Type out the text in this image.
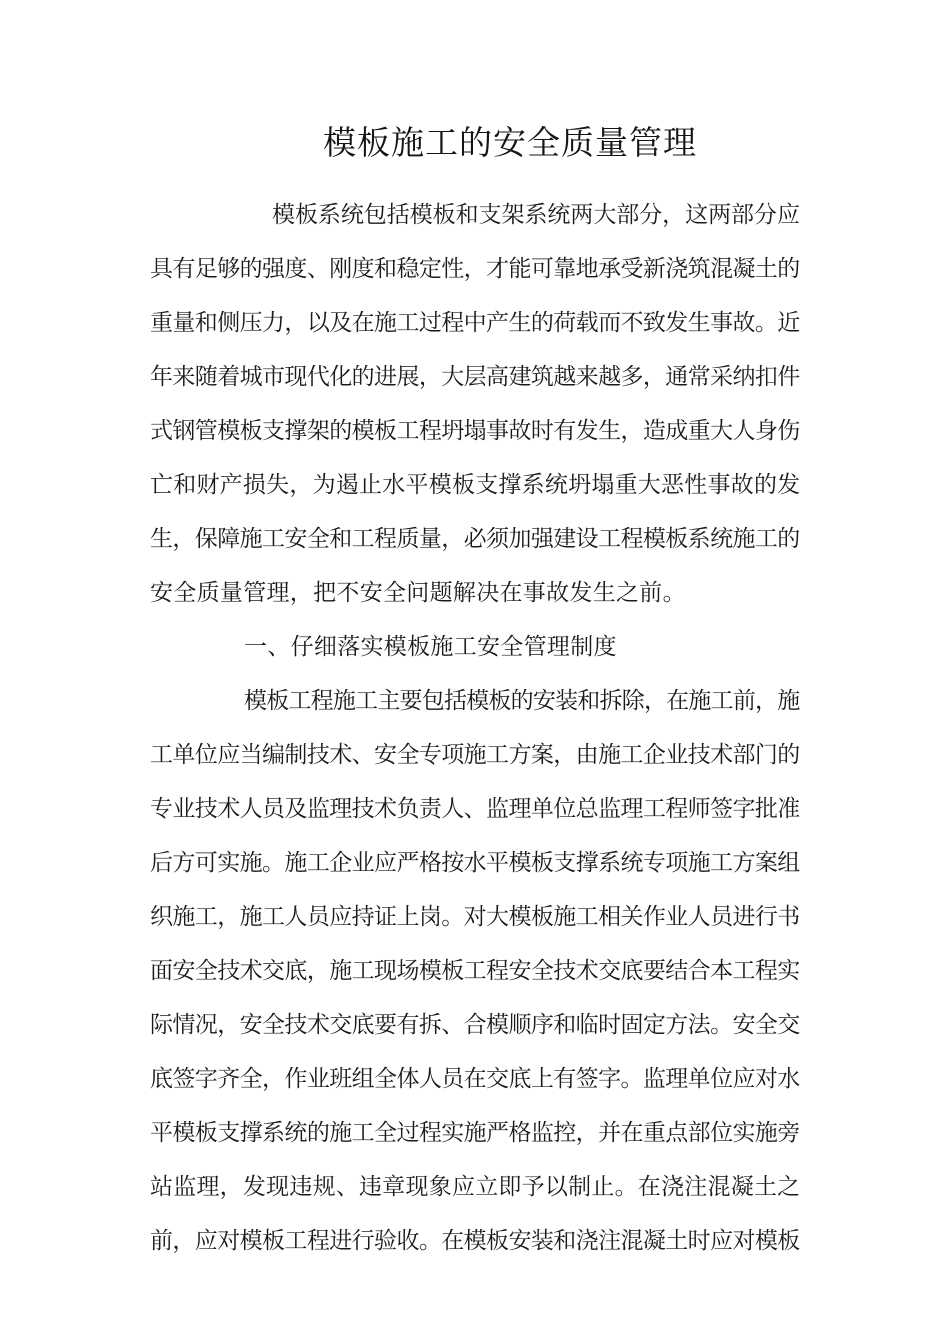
模板施工的安全质量管理
模板系统包括模板和支架系统两大部分，这两部分应
具有足够的强度、刚度和稳定性，才能可靠地承受新浇筑混凝土的
重量和侧压力，以及在施工过程中产生的荷载而不致发生事故。近
年来随着城市现代化的进展，大层高建筑越来越多，通常采纳扣件
式钢管模板支撑架的模板工程坍塌事故时有发生，造成重大人身伤
亡和财产损失，为遏止水平模板支撑系统坍塌重大恶性事故的发
生，保障施工安全和工程质量，必须加强建设工程模板系统施工的
安全质量管理，把不安全问题解决在事故发生之前。
一、仔细落实模板施工安全管理制度
模板工程施工主要包括模板的安装和拆除，在施工前，施
工单位应当编制技术、安全专项施工方案，由施工企业技术部门的
专业技术人员及监理技术负责人、监理单位总监理工程师签字批准
后方可实施。施工企业应严格按水平模板支撑系统专项施工方案组
织施工，施工人员应持证上岗。对大模板施工相关作业人员进行书
面安全技术交底，施工现场模板工程安全技术交底要结合本工程实
际情况，安全技术交底要有拆、合模顺序和临时固定方法。安全交
底签字齐全，作业班组全体人员在交底上有签字。监理单位应对水
平模板支撑系统的施工全过程实施严格监控，并在重点部位实施旁
站监理，发现违规、违章现象应立即予以制止。在浇注混凝土之
前，应对模板工程进行验收。在模板安装和浇注混凝土时应对模板
